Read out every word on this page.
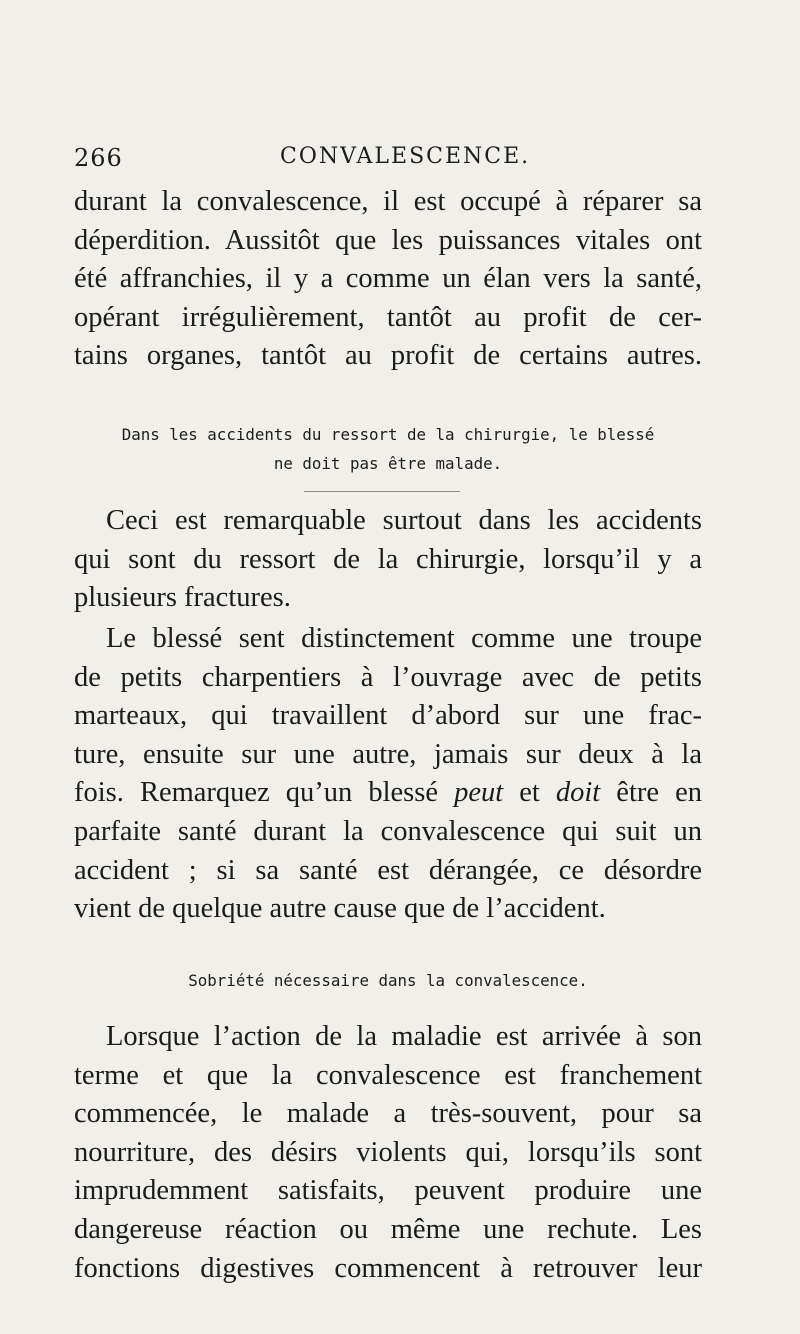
266	CONVALESCENCE.
durant la convalescence, il est occupé à réparer sa
déperdition. Aussitôt que les puissances vitales ont
été affranchies, il y a comme un élan vers la santé,
opérant irrégulièrement, tantôt au profit de cer-
tains organes, tantôt au profit de certains autres.
Dans les accidents du ressort de la chirurgie, le blessé
ne doit pas être malade.
Ceci est remarquable surtout dans les accidents
qui sont du ressort de la chirurgie, lorsqu’il y a
plusieurs fractures.
Le blessé sent distinctement comme une troupe
de petits charpentiers à l’ouvrage avec de petits
marteaux, qui travaillent d’abord sur une frac-
ture, ensuite sur une autre, jamais sur deux à la
fois. Remarquez qu’un blessé peut et doit être en
parfaite santé durant la convalescence qui suit un
accident ; si sa santé est dérangée, ce désordre
vient de quelque autre cause que de l’accident.
Sobriété nécessaire dans la convalescence.
Lorsque l’action de la maladie est arrivée à son
terme et que la convalescence est franchement
commencée, le malade a très-souvent, pour sa
nourriture, des désirs violents qui, lorsqu’ils sont
imprudemment satisfaits, peuvent produire une
dangereuse réaction ou même une rechute. Les
fonctions digestives commencent à retrouver leur
